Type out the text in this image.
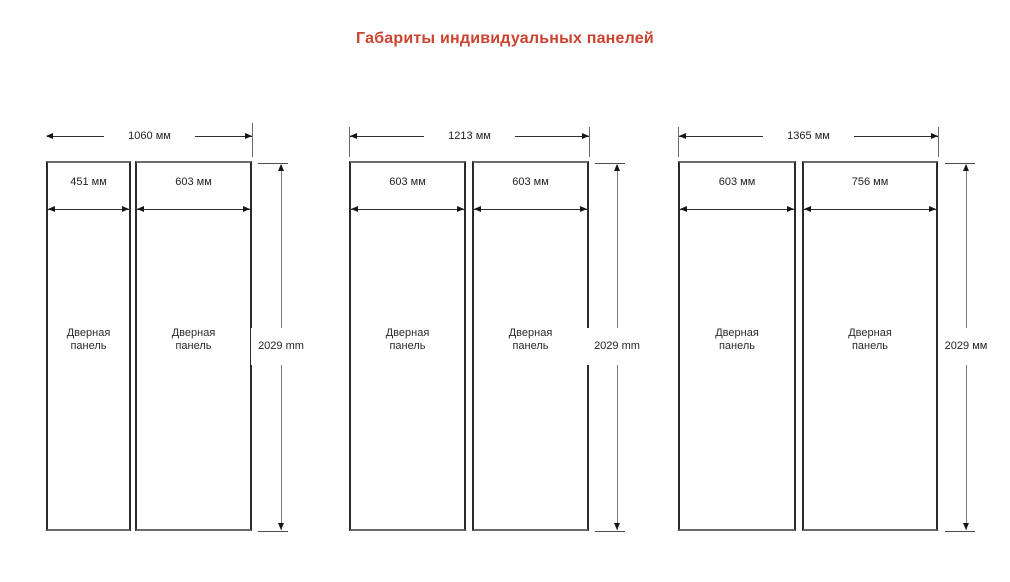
Габариты индивидуальных панелей
1060 мм
451 мм
Дверная панель
603 мм
Дверная панель	2029 mm
1213 мм
603 мм
Дверная панель
603 мм
Дверная панель	2029 mm
1365 мм
603 мм
Дверная панель
756 мм
Дверная панель	2029 мм
